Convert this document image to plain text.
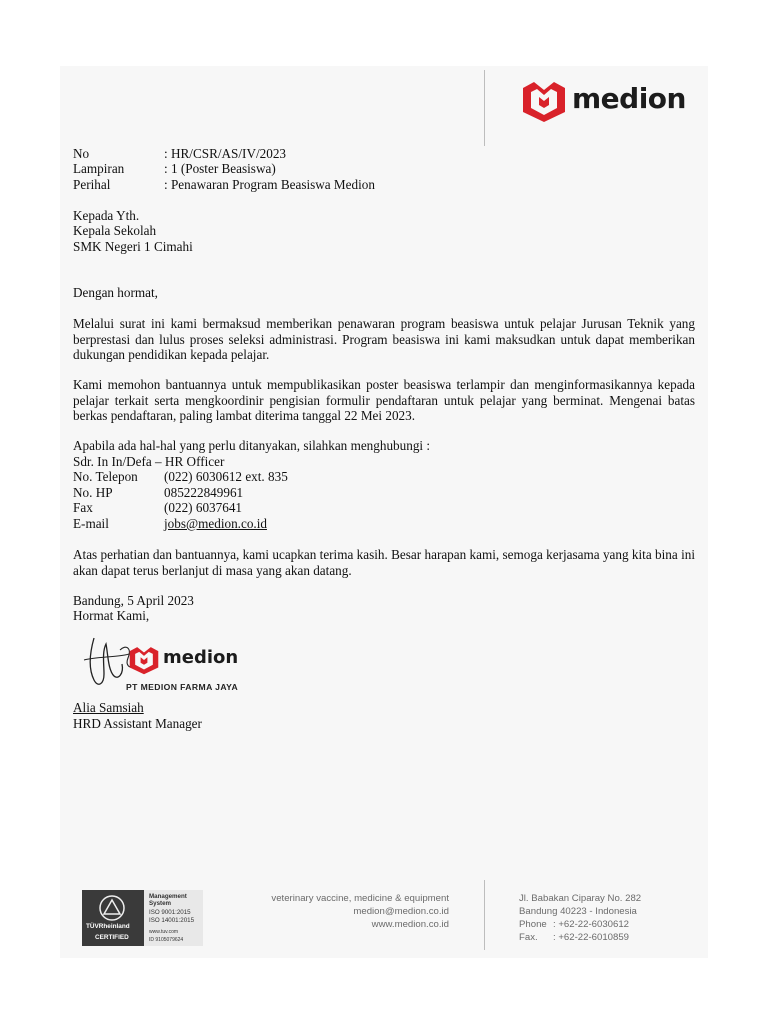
medion
No	: HR/CSR/AS/IV/2023
Lampiran	: 1 (Poster Beasiswa)
Perihal	: Penawaran Program Beasiswa Medion
Kepada Yth.
Kepala Sekolah
SMK Negeri 1 Cimahi
Dengan hormat,
Melalui surat ini kami bermaksud memberikan penawaran program beasiswa untuk pelajar Jurusan Teknik yang berprestasi dan lulus proses seleksi administrasi. Program beasiswa ini kami maksudkan untuk dapat memberikan dukungan pendidikan kepada pelajar.
Kami memohon bantuannya untuk mempublikasikan poster beasiswa terlampir dan menginformasikannya kepada pelajar terkait serta mengkoordinir pengisian formulir pendaftaran untuk pelajar yang berminat. Mengenai batas berkas pendaftaran, paling lambat diterima tanggal 22 Mei 2023.
Apabila ada hal-hal yang perlu ditanyakan, silahkan menghubungi :
Sdr. In In/Defa – HR Officer
No. Telepon (022) 6030612 ext. 835
No. HP	085222849961
Fax	(022) 6037641
E-mail	jobs@medion.co.id
Atas perhatian dan bantuannya, kami ucapkan terima kasih. Besar harapan kami, semoga kerjasama yang kita bina ini akan dapat terus berlanjut di masa yang akan datang.
Bandung, 5 April 2023
Hormat Kami,
medion
PT MEDION FARMA JAYA
Alia Samsiah
HRD Assistant Manager
TÜVRheinland
CERTIFIED
Management
System
ISO 9001:2015
ISO 14001:2015
www.tuv.com
ID 9105079624
veterinary vaccine, medicine & equipment
medion@medion.co.id
www.medion.co.id
Jl. Babakan Ciparay No. 282
Bandung 40223 - Indonesia
Phone : +62-22-6030612
Fax. : +62-22-6010859
